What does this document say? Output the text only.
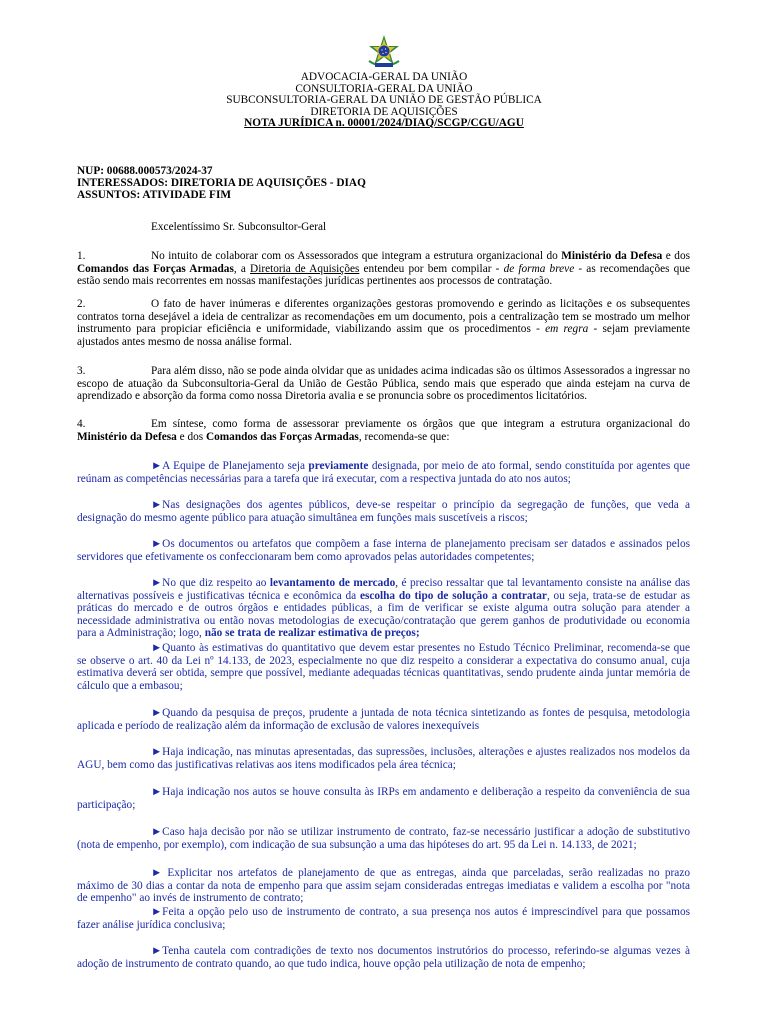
ADVOCACIA-GERAL DA UNIÃO
CONSULTORIA-GERAL DA UNIÃO
SUBCONSULTORIA-GERAL DA UNIÃO DE GESTÃO PÚBLICA
DIRETORIA DE AQUISIÇÕES
NOTA JURÍDICA n. 00001/2024/DIAQ/SCGP/CGU/AGU
NUP: 00688.000573/2024-37
INTERESSADOS: DIRETORIA DE AQUISIÇÕES - DIAQ
ASSUNTOS: ATIVIDADE FIM
Excelentíssimo Sr. Subconsultor-Geral
1.	No intuito de colaborar com os Assessorados que integram a estrutura organizacional do Ministério da Defesa e dos Comandos das Forças Armadas, a Diretoria de Aquisições entendeu por bem compilar - de forma breve - as recomendações que estão sendo mais recorrentes em nossas manifestações jurídicas pertinentes aos processos de contratação.
2.	O fato de haver inúmeras e diferentes organizações gestoras promovendo e gerindo as licitações e os subsequentes contratos torna desejável a ideia de centralizar as recomendações em um documento, pois a centralização tem se mostrado um melhor instrumento para propiciar eficiência e uniformidade, viabilizando assim que os procedimentos - em regra - sejam previamente ajustados antes mesmo de nossa análise formal.
3.	Para além disso, não se pode ainda olvidar que as unidades acima indicadas são os últimos Assessorados a ingressar no escopo de atuação da Subconsultoria-Geral da União de Gestão Pública, sendo mais que esperado que ainda estejam na curva de aprendizado e absorção da forma como nossa Diretoria avalia e se pronuncia sobre os procedimentos licitatórios.
4.	Em síntese, como forma de assessorar previamente os órgãos que que integram a estrutura organizacional do Ministério da Defesa e dos Comandos das Forças Armadas, recomenda-se que:
►A Equipe de Planejamento seja previamente designada, por meio de ato formal, sendo constituída por agentes que reúnam as competências necessárias para a tarefa que irá executar, com a respectiva juntada do ato nos autos;
►Nas designações dos agentes públicos, deve-se respeitar o princípio da segregação de funções, que veda a designação do mesmo agente público para atuação simultânea em funções mais suscetíveis a riscos;
►Os documentos ou artefatos que compõem a fase interna de planejamento precisam ser datados e assinados pelos servidores que efetivamente os confeccionaram bem como aprovados pelas autoridades competentes;
►No que diz respeito ao levantamento de mercado, é preciso ressaltar que tal levantamento consiste na análise das alternativas possíveis e justificativas técnica e econômica da escolha do tipo de solução a contratar, ou seja, trata-se de estudar as práticas do mercado e de outros órgãos e entidades públicas, a fim de verificar se existe alguma outra solução para atender a necessidade administrativa ou então novas metodologias de execução/contratação que gerem ganhos de produtividade ou economia para a Administração; logo, não se trata de realizar estimativa de preços;
►Quanto às estimativas do quantitativo que devem estar presentes no Estudo Técnico Preliminar, recomenda-se que se observe o art. 40 da Lei nº 14.133, de 2023, especialmente no que diz respeito a considerar a expectativa do consumo anual, cuja estimativa deverá ser obtida, sempre que possível, mediante adequadas técnicas quantitativas, sendo prudente ainda juntar memória de cálculo que a embasou;
►Quando da pesquisa de preços, prudente a juntada de nota técnica sintetizando as fontes de pesquisa, metodologia aplicada e período de realização além da informação de exclusão de valores inexequíveis
►Haja indicação, nas minutas apresentadas, das supressões, inclusões, alterações e ajustes realizados nos modelos da AGU, bem como das justificativas relativas aos itens modificados pela área técnica;
►Haja indicação nos autos se houve consulta às IRPs em andamento e deliberação a respeito da conveniência de sua participação;
►Caso haja decisão por não se utilizar instrumento de contrato, faz-se necessário justificar a adoção de substitutivo (nota de empenho, por exemplo), com indicação de sua subsunção a uma das hipóteses do art. 95 da Lei n. 14.133, de 2021;
► Explicitar nos artefatos de planejamento de que as entregas, ainda que parceladas, serão realizadas no prazo máximo de 30 dias a contar da nota de empenho para que assim sejam consideradas entregas imediatas e validem a escolha por "nota de empenho" ao invés de instrumento de contrato;
►Feita a opção pelo uso de instrumento de contrato, a sua presença nos autos é imprescindível para que possamos fazer análise jurídica conclusiva;
►Tenha cautela com contradições de texto nos documentos instrutórios do processo, referindo-se algumas vezes à adoção de instrumento de contrato quando, ao que tudo indica, houve opção pela utilização de nota de empenho;
